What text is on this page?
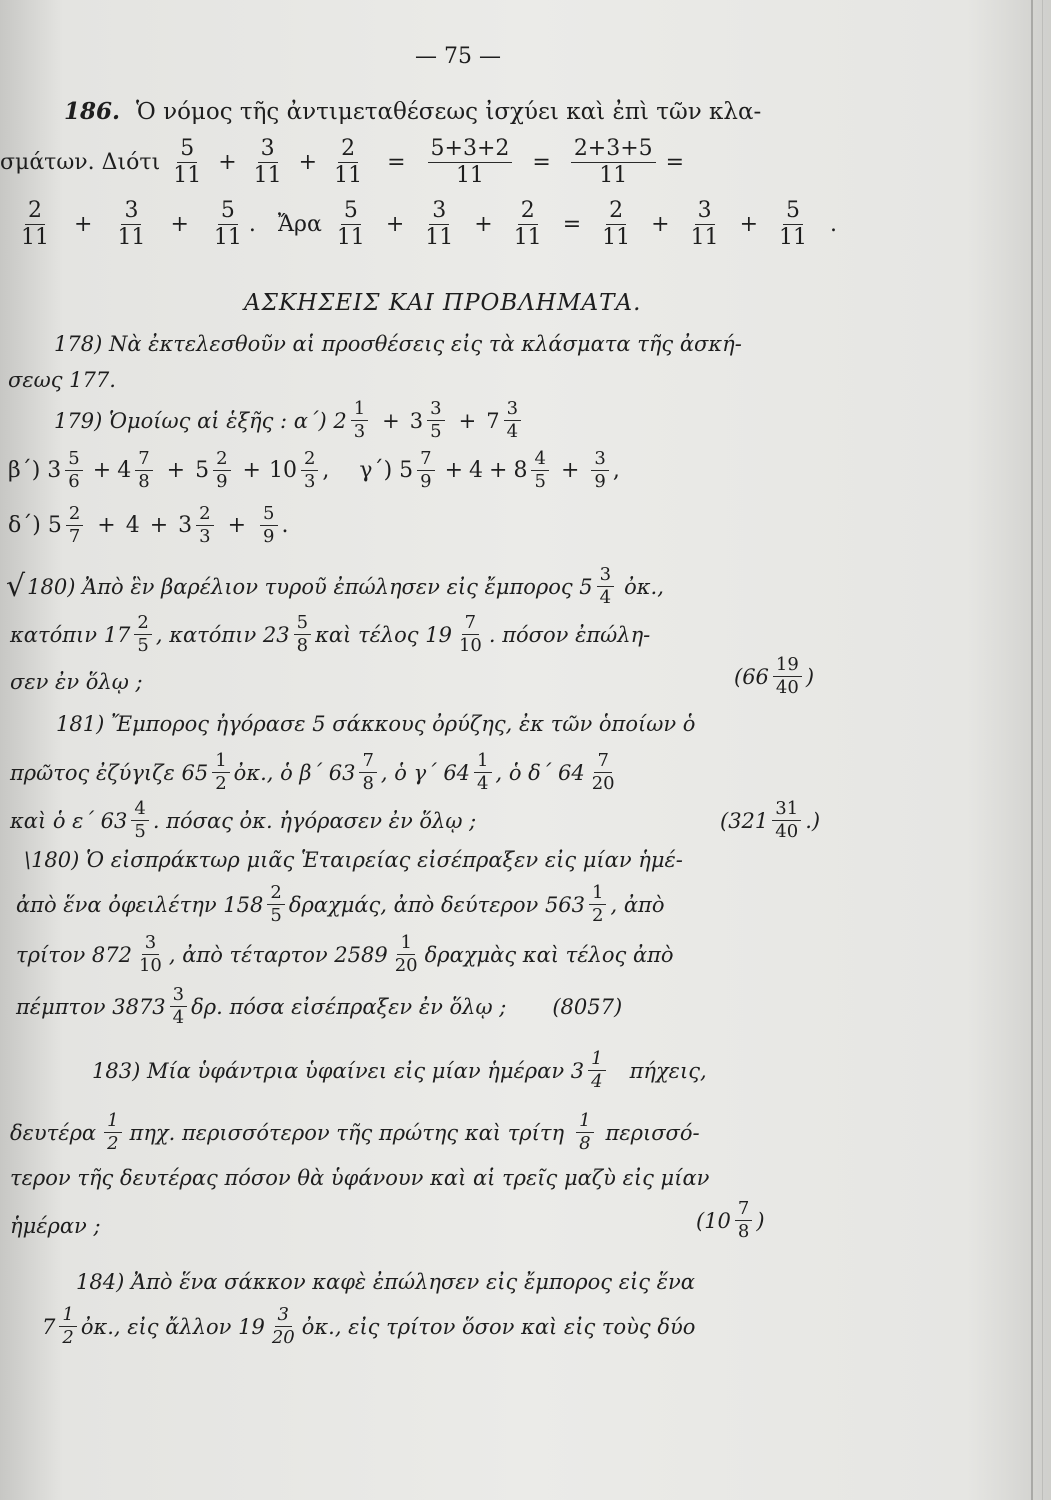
— 75 —
186. Ὁ νόμος τῆς ἀντιμεταθέσεως ἰσχύει καὶ ἐπὶ τῶν κλα-
σμάτων. Διότι
5
11
+ $\frac{3}{11} + \frac{2}{11} = \frac{5+3+2}{11} = \frac{2+3+5}{11}$ =
2
11
+ $\frac{3}{11} + \frac{5}{11}$ . Ἄρα
5
11
+ $\frac{3}{11} + \frac{2}{11} = \frac{2}{11} + \frac{3}{11} + \frac{5}{11}$ .
ΑΣΚΗΣΕΙΣ ΚΑΙ ΠΡΟΒΛΗΜΑΤΑ.
178) Νὰ ἐκτελεσθοῦν αἱ προσθέσεις εἰς τὰ κλάσματα τῆς ἀσκή-
σεως 177.
179) Ὁμοίως αἱ ἑξῆς : α΄) 2 1
3 + 3 3
5 + 7 3
4
β΄) 3 5
6 + 4 7
8 + 5 2
9 + 10 2
3 , γ΄) 5 7
9 + 4 + 8 4
$5 + \frac{3}{9}$ ,
δ΄) 5 2
7 + 4 + 3 2
$3 + \frac{5}{9}$ .
√ 180) Ἀπὸ ἓν βαρέλιον τυροῦ ἐπώλησεν εἰς ἔμπορος 5 3
4 ὀκ.,
κατόπιν 17 2
5 , κατόπιν 23 5
8 καὶ τέλος 19 7
10 . πόσον ἐπώλη-
σεν ἐν ὅλῳ ;	(66 19
40 )
181) Ἔμπορος ἠγόρασε 5 σάκκους ὀρύζης, ἐκ τῶν ὁποίων ὁ
πρῶτος ἐζύγιζε 65 1
2 ὀκ., ὁ β΄ 63 7
8 , ὁ γ΄ 64 1
4 , ὁ δ΄ 64 7
20
καὶ ὁ ε΄ 63 4
5 . πόσας ὀκ. ἠγόρασεν ἐν ὅλῳ ;	(321 31
40 .)
\180) Ὁ εἰσπράκτωρ μιᾶς Ἑταιρείας εἰσέπραξεν εἰς μίαν ἡμέ-
ἀπὸ ἕνα ὀφειλέτην 158 2
5 δραχμάς, ἀπὸ δεύτερον 563 1
2 , ἀπὸ
τρίτον 872 3
10 , ἀπὸ τέταρτον 2589 1
20 δραχμὰς καὶ τέλος ἀπὸ
πέμπτον 3873 3
4 δρ. πόσα εἰσέπραξεν ἐν ὅλῳ ; (8057)
183) Μία ὑφάντρια ὑφαίνει εἰς μίαν ἡμέραν 3 1
4 πήχεις,
δευτέρα 1
2 πηχ. περισσότερον τῆς πρώτης καὶ τρίτη 1
8 περισσό-
τερον τῆς δευτέρας πόσον θὰ ὑφάνουν καὶ αἱ τρεῖς μαζὺ εἰς μίαν
ἡμέραν ;	(10 7
8 )
184) Ἀπὸ ἕνα σάκκον καφὲ ἐπώλησεν εἰς ἔμπορος εἰς ἕνα
7 1
2 ὀκ., εἰς ἄλλον 19 3
20 ὀκ., εἰς τρίτον ὅσον καὶ εἰς τοὺς δύο
